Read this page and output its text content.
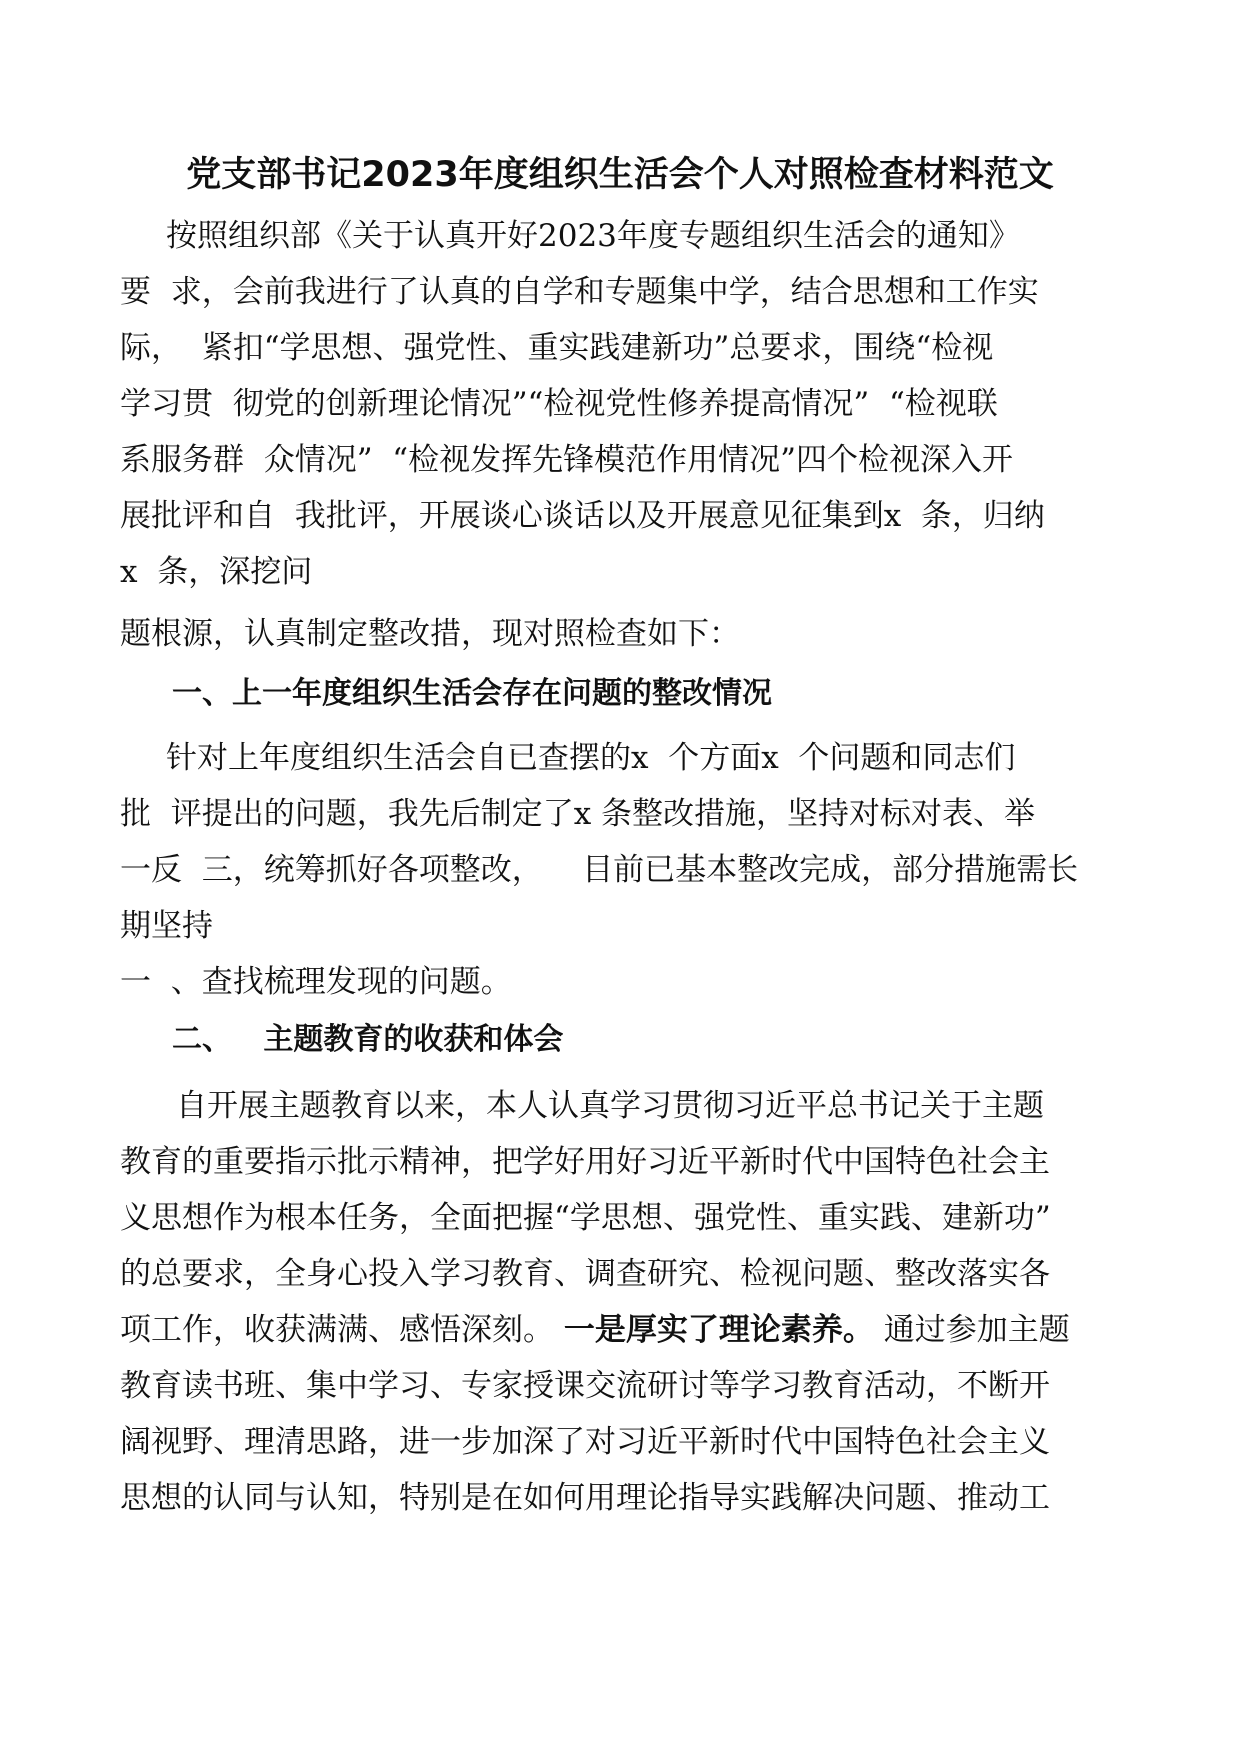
党支部书记2023年度组织生活会个人对照检查材料范文
按照组织部《关于认真开好2023年度专题组织生活会的通知》
要  求，会前我进行了认真的自学和专题集中学，结合思想和工作实
际，  紧扣“学思想、强党性、重实践建新功”总要求，围绕“检视
学习贯  彻党的创新理论情况”“检视党性修养提高情况”  “检视联
系服务群  众情况”  “检视发挥先锋模范作用情况”四个检视深入开
展批评和自  我批评，开展谈心谈话以及开展意见征集到x  条，归纳
x  条，深挖问
题根源，认真制定整改措，现对照检查如下：
一、上一年度组织生活会存在问题的整改情况
针对上年度组织生活会自已查摆的x  个方面x  个问题和同志们
批  评提出的问题，我先后制定了x 条整改措施，坚持对标对表、举
一反  三，统筹抓好各项整改，    目前已基本整改完成，部分措施需长
期坚持
一  、查找梳理发现的问题。
二、   主题教育的收获和体会
自开展主题教育以来，本人认真学习贯彻习近平总书记关于主题
教育的重要指示批示精神，把学好用好习近平新时代中国特色社会主
义思想作为根本任务，全面把握“学思想、强党性、重实践、建新功”
的总要求，全身心投入学习教育、调查研究、检视问题、整改落实各
项工作，收获满满、感悟深刻。 一是厚实了理论素养。 通过参加主题
教育读书班、集中学习、专家授课交流研讨等学习教育活动，不断开
阔视野、理清思路，进一步加深了对习近平新时代中国特色社会主义
思想的认同与认知，特别是在如何用理论指导实践解决问题、推动工
